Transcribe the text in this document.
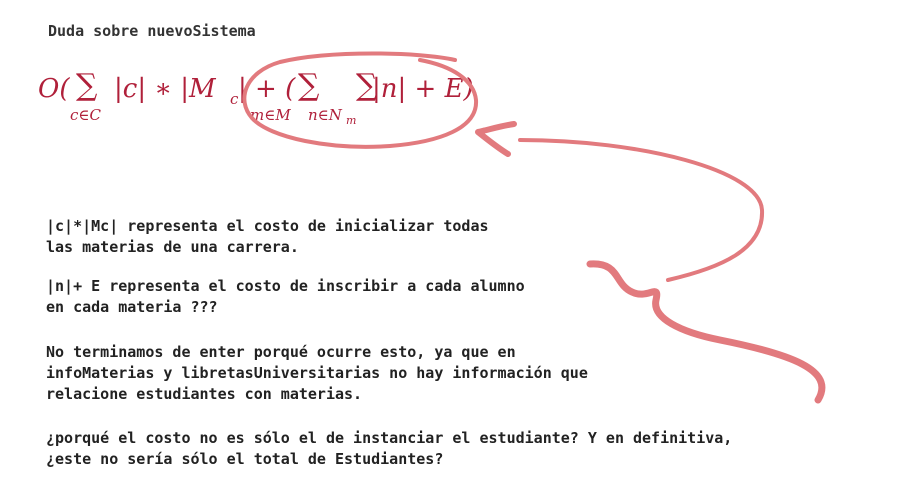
Duda sobre nuevoSistema
O( ∑
c∈C
|c| ∗ |M c | + ( ∑
m∈M
∑
n∈N m
|n| + E)
|c|*|Mc| representa el costo de inicializar todas
las materias de una carrera.
|n|+ E representa el costo de inscribir a cada alumno
en cada materia ???
No terminamos de enter porqué ocurre esto, ya que en
infoMaterias y libretasUniversitarias no hay información que
relacione estudiantes con materias.
¿porqué el costo no es sólo el de instanciar el estudiante? Y en definitiva,
¿este no sería sólo el total de Estudiantes?
